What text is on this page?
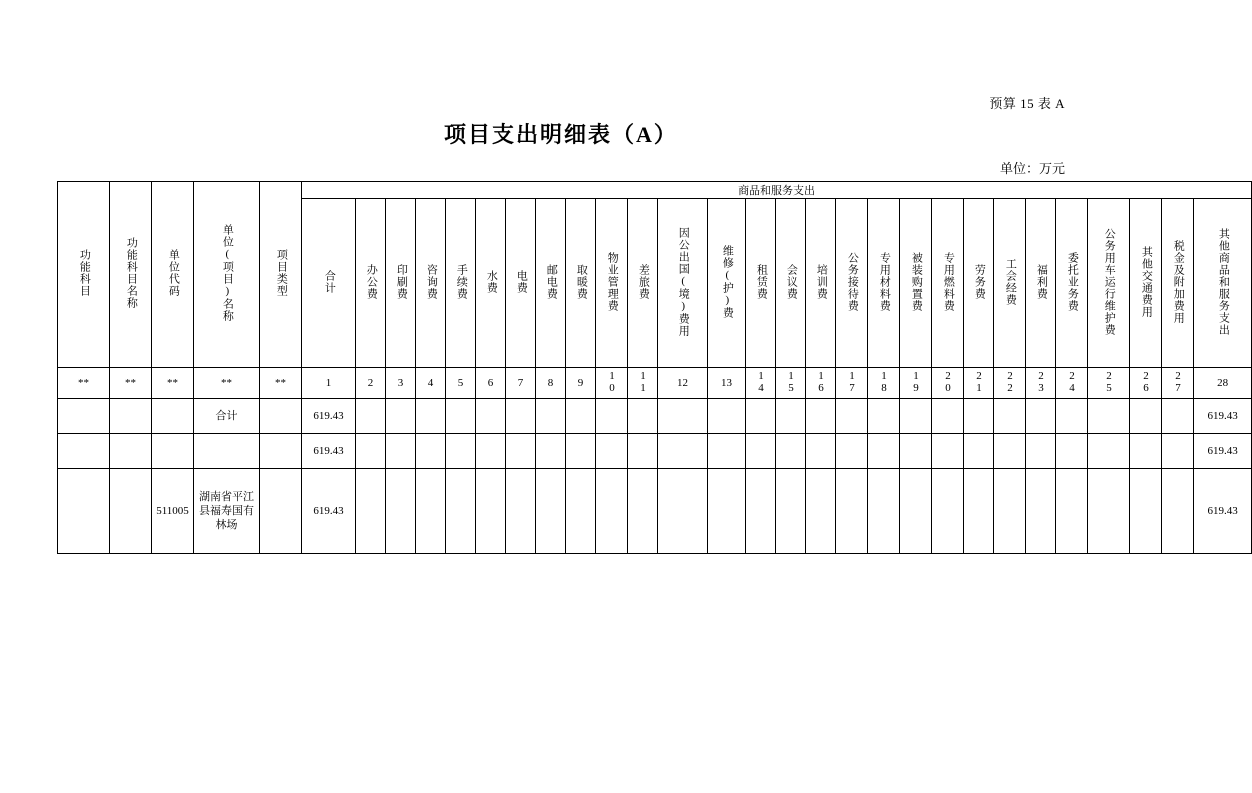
预算 15 表 A
项目支出明细表（A）
单位：万元
功能科目	功能科目名称	单位代码	单位(项目)名称	项目类型	商品和服务支出																											
					合计	办公费	印刷费	咨询费	手续费	水费	电费	邮电费	取暖费	物业管理费	差旅费	因公出国(境)费用	维修(护)费	租赁费	会议费	培训费	公务接待费	专用材料费	被装购置费	专用燃料费	劳务费	工会经费	福利费	委托业务费	公务用车运行维护费	其他交通费用	税金及附加费用	其他商品和服务支出
**	**	**	**	**	1	2	3	4	5	6	7	8	9	10	11	12	13	14	15	16	17	18	19	20	21	22	23	24	25	26	27	28
			合计		619.43																											619.43
					619.43																											619.43
		511005	湖南省平江县福寿国有林场		619.43																											619.43
